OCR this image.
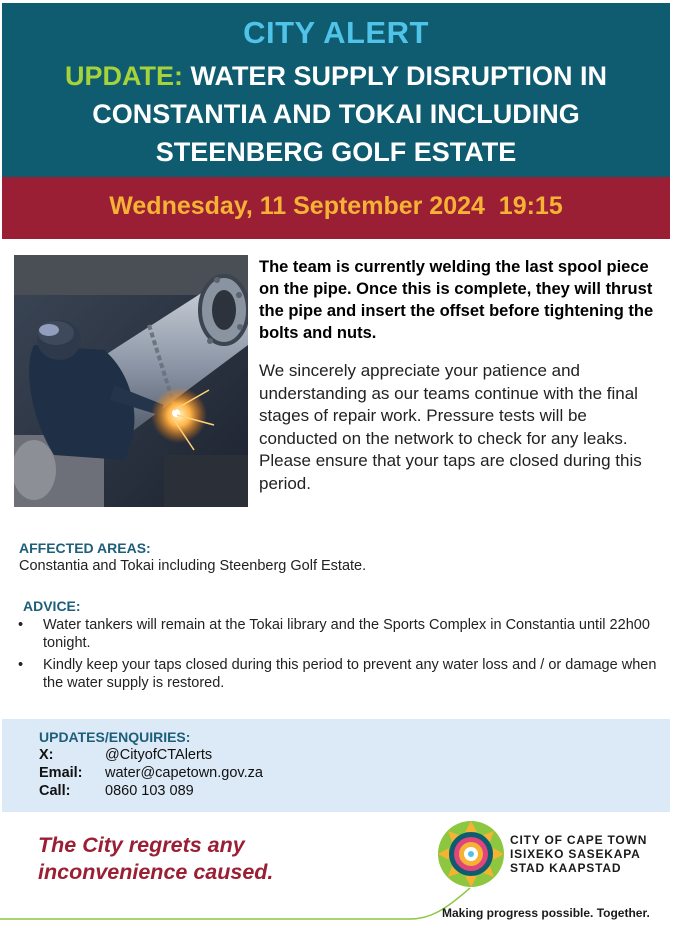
CITY ALERT
UPDATE: WATER SUPPLY DISRUPTION IN CONSTANTIA AND TOKAI INCLUDING STEENBERG GOLF ESTATE
Wednesday, 11 September 2024  19:15

The team is currently welding the last spool piece on the pipe. Once this is complete, they will thrust the pipe and insert the offset before tightening the bolts and nuts.

We sincerely appreciate your patience and understanding as our teams continue with the final stages of repair work. Pressure tests will be conducted on the network to check for any leaks. Please ensure that your taps are closed during this period.

AFFECTED AREAS:
Constantia and Tokai including Steenberg Golf Estate.
ADVICE:
• Water tankers will remain at the Tokai library and the Sports Complex in Constantia until 22h00 tonight.
• Kindly keep your taps closed during this period to prevent any water loss and / or damage when the water supply is restored.
UPDATES/ENQUIRIES:
X:	@CityofCTAlerts
Email:	water@capetown.gov.za
Call:	0860 103 089
The City regrets any inconvenience caused.
CITY OF CAPE TOWN
ISIXEKO SASEKAPA
STAD KAAPSTAD
Making progress possible. Together.
